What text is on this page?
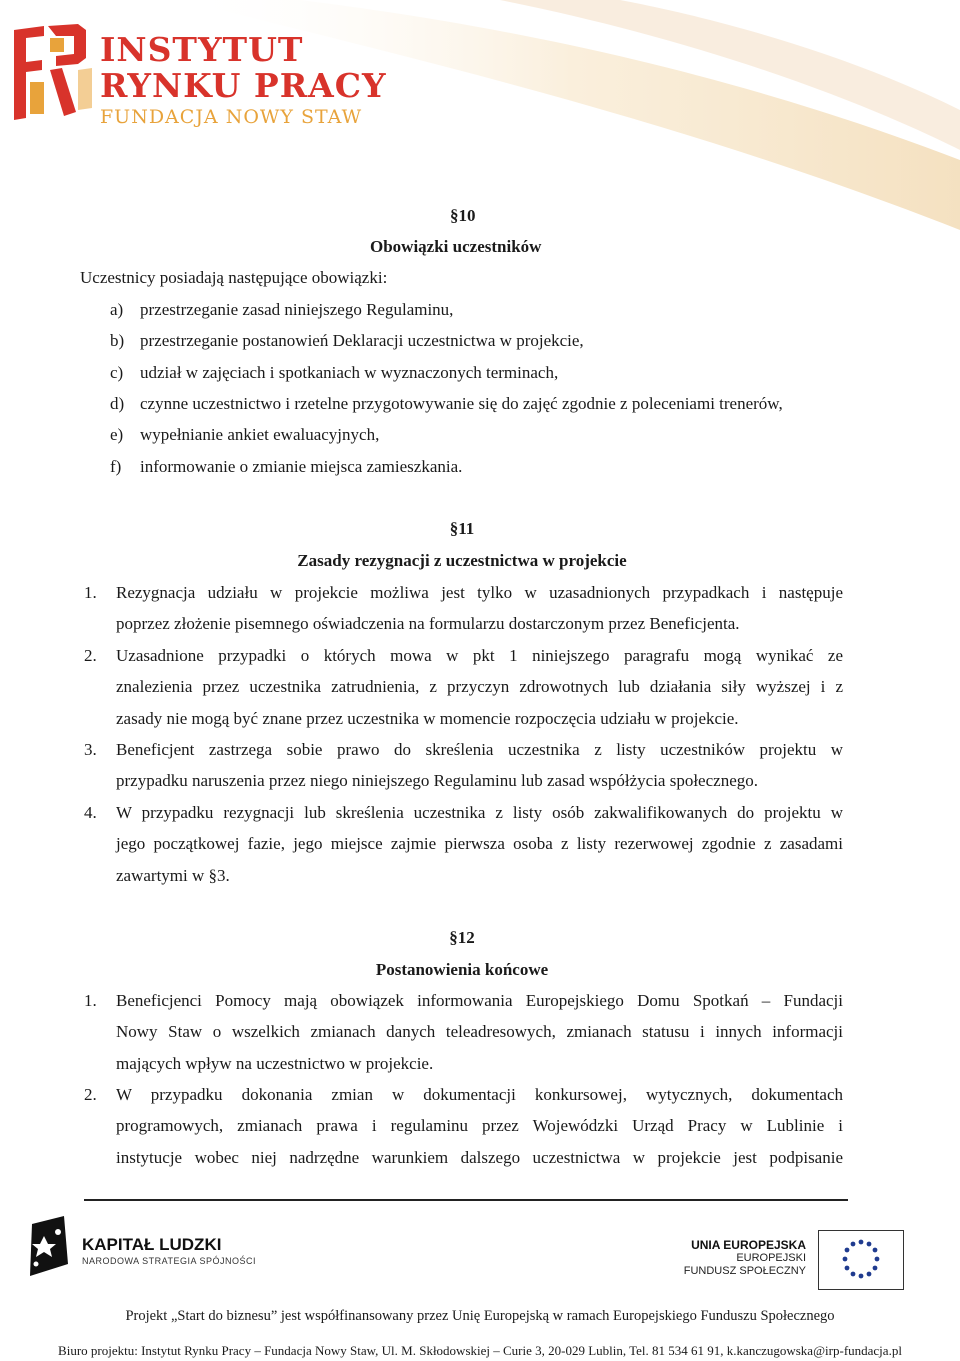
INSTYTUT
RYNKU PRACY
FUNDACJA NOWY STAW
§10
Obowiązki uczestników
Uczestnicy posiadają następujące obowiązki:
a) przestrzeganie zasad niniejszego Regulaminu,
b) przestrzeganie postanowień Deklaracji uczestnictwa w projekcie,
c) udział w zajęciach i spotkaniach w wyznaczonych terminach,
d) czynne uczestnictwo i rzetelne przygotowywanie się do zajęć zgodnie z poleceniami trenerów,
e) wypełnianie ankiet ewaluacyjnych,
f) informowanie o zmianie miejsca zamieszkania.
§11
Zasady rezygnacji z uczestnictwa w projekcie
1. Rezygnacja udziału w projekcie możliwa jest tylko w uzasadnionych przypadkach i następuje
poprzez złożenie pisemnego oświadczenia na formularzu dostarczonym przez Beneficjenta.
2. Uzasadnione przypadki o których mowa w pkt 1 niniejszego paragrafu mogą wynikać ze
znalezienia przez uczestnika zatrudnienia, z przyczyn zdrowotnych lub działania siły wyższej i z
zasady nie mogą być znane przez uczestnika w momencie rozpoczęcia udziału w projekcie.
3. Beneficjent zastrzega sobie prawo do skreślenia uczestnika z listy uczestników projektu w
przypadku naruszenia przez niego niniejszego Regulaminu lub zasad współżycia społecznego.
4. W przypadku rezygnacji lub skreślenia uczestnika z listy osób zakwalifikowanych do projektu w
jego początkowej fazie, jego miejsce zajmie pierwsza osoba z listy rezerwowej zgodnie z zasadami
zawartymi w §3.
§12
Postanowienia końcowe
1. Beneficjenci Pomocy mają obowiązek informowania Europejskiego Domu Spotkań – Fundacji
Nowy Staw o wszelkich zmianach danych teleadresowych, zmianach statusu i innych informacji
mających wpływ na uczestnictwo w projekcie.
2. W przypadku dokonania zmian w dokumentacji konkursowej, wytycznych, dokumentach
programowych, zmianach prawa i regulaminu przez Wojewódzki Urząd Pracy w Lublinie i
instytucje wobec niej nadrzędne warunkiem dalszego uczestnictwa w projekcie jest podpisanie
KAPITAŁ LUDZKI
NARODOWA STRATEGIA SPÓJNOŚCI
UNIA EUROPEJSKA
EUROPEJSKI
FUNDUSZ SPOŁECZNY
Projekt „Start do biznesu” jest współfinansowany przez Unię Europejską w ramach Europejskiego Funduszu Społecznego
Biuro projektu: Instytut Rynku Pracy – Fundacja Nowy Staw, Ul. M. Skłodowskiej – Curie 3, 20-029 Lublin, Tel. 81 534 61 91, k.kanczugowska@irp-fundacja.pl
